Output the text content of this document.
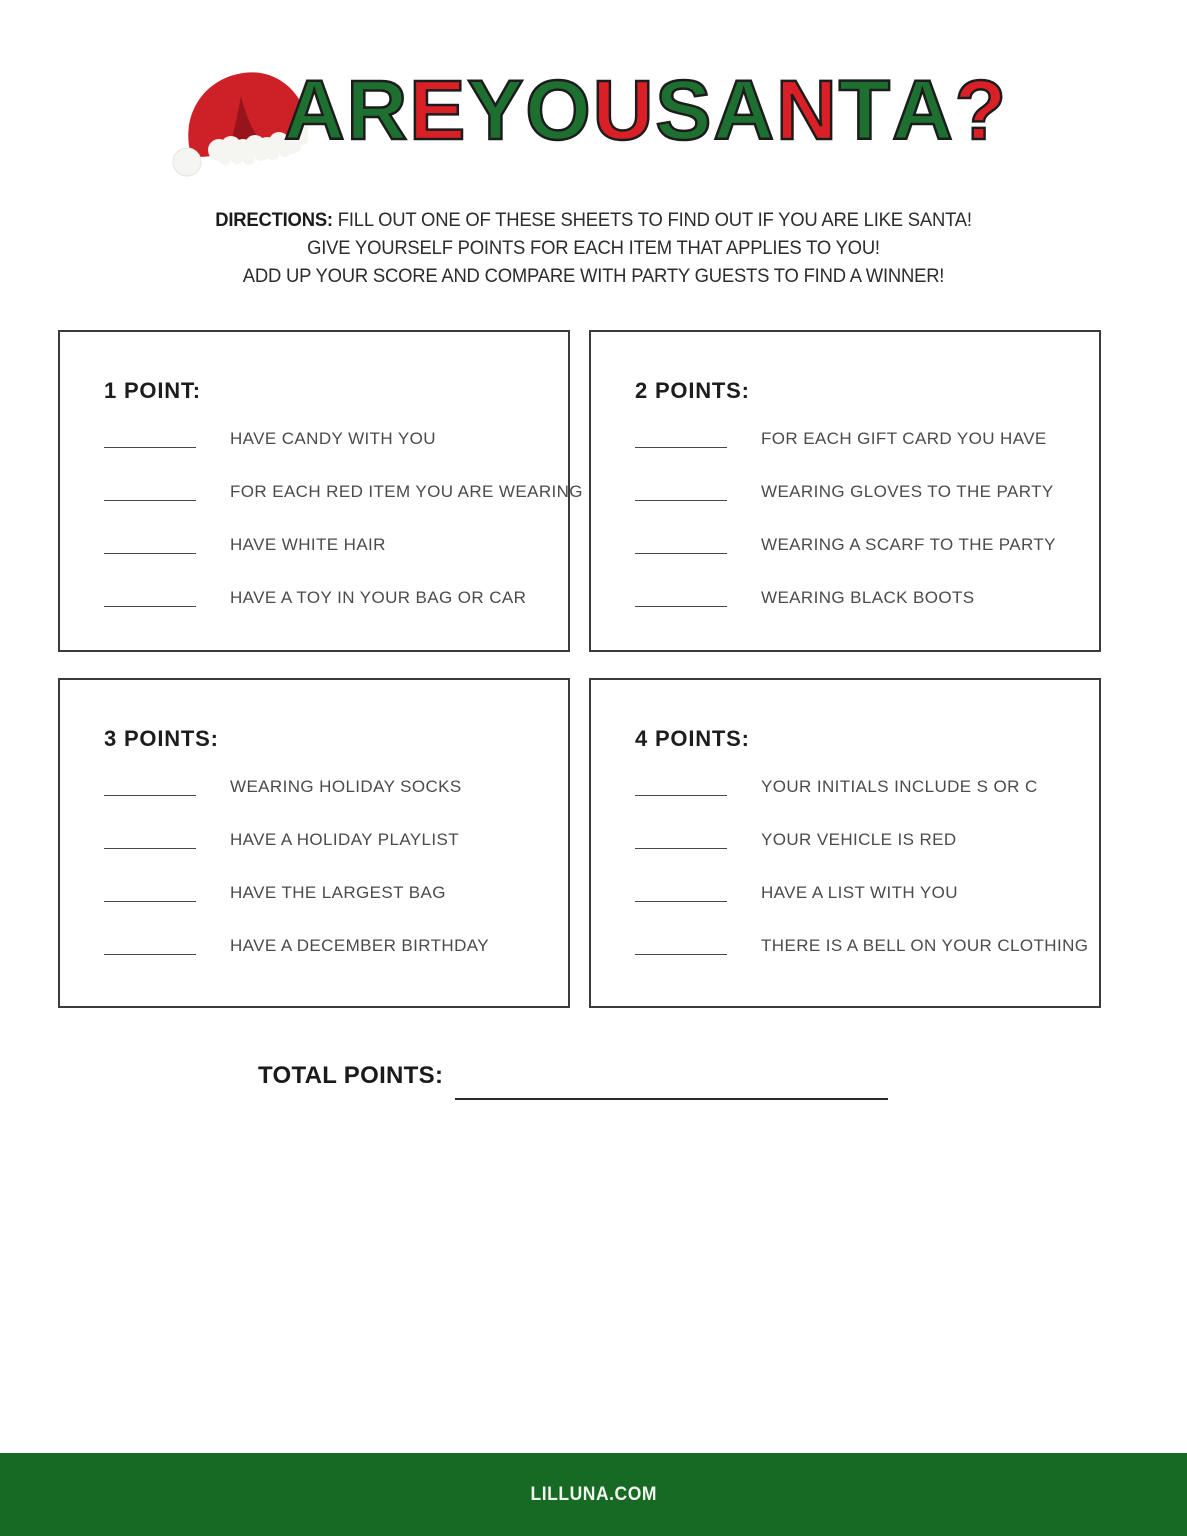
A R E Y O U S A N T A ?
DIRECTIONS: FILL OUT ONE OF THESE SHEETS TO FIND OUT IF YOU ARE LIKE SANTA!
GIVE YOURSELF POINTS FOR EACH ITEM THAT APPLIES TO YOU!
ADD UP YOUR SCORE AND COMPARE WITH PARTY GUESTS TO FIND A WINNER!
1 POINT:
HAVE CANDY WITH YOU
FOR EACH RED ITEM YOU ARE WEARING
HAVE WHITE HAIR
HAVE A TOY IN YOUR BAG OR CAR
2 POINTS:
FOR EACH GIFT CARD YOU HAVE
WEARING GLOVES TO THE PARTY
WEARING A SCARF TO THE PARTY
WEARING BLACK BOOTS
3 POINTS:
WEARING HOLIDAY SOCKS
HAVE A HOLIDAY PLAYLIST
HAVE THE LARGEST BAG
HAVE A DECEMBER BIRTHDAY
4 POINTS:
YOUR INITIALS INCLUDE S OR C
YOUR VEHICLE IS RED
HAVE A LIST WITH YOU
THERE IS A BELL ON YOUR CLOTHING
TOTAL POINTS:
LILLUNA.COM
